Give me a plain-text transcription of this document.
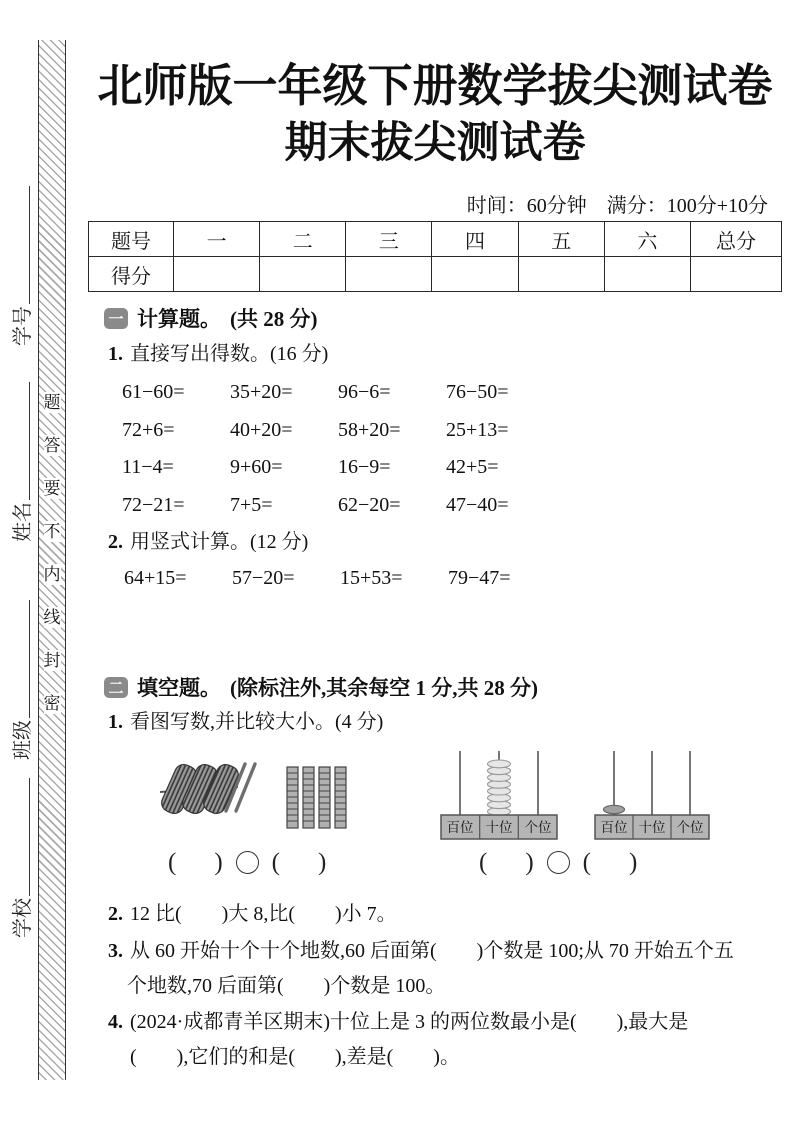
学号
姓名
班级
学校
题
答
要
不
内
线
封
密
北师版一年级下册数学拔尖测试卷
期末拔尖测试卷
时间：60分钟　满分：100分+10分
题号	一	二	三	四	五	六	总分
得分							
一 计算题。 (共 28 分)
1. 直接写出得数。(16 分)
61−60=	35+20=	96−6=	76−50=
72+6=	40+20=	58+20=	25+13=
11−4=	9+60=	16−9=	42+5=
72−21=	7+5=	62−20=	47−40=
2. 用竖式计算。(12 分)
64+15=	57−20=	15+53=	79−47=
二 填空题。 (除标注外,其余每空 1 分,共 28 分)
1. 看图写数,并比较大小。(4 分)
百位 十位 个位	百位 十位 个位
( ) ( )	( ) ( )
2. 12 比(　　)大 8,比(　　)小 7。
3. 从 60 开始十个十个地数,60 后面第(　　)个数是 100;从 70 开始五个五
个地数,70 后面第(　　)个数是 100。
4. (2024·成都青羊区期末)十位上是 3 的两位数最小是(　　),最大是
(　　),它们的和是(　　),差是(　　)。
